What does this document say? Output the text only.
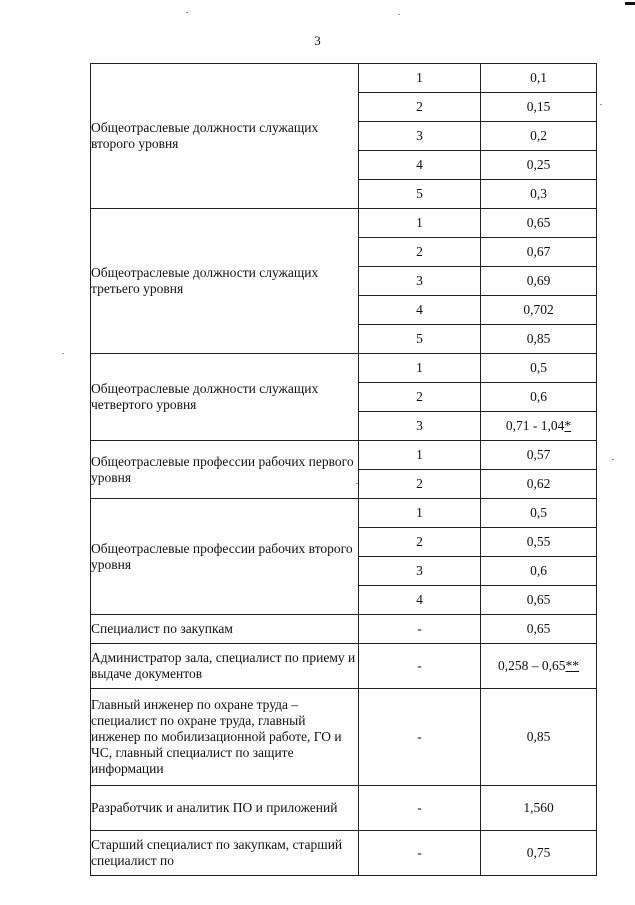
3
Общеотраслевые должности служащих второго уровня	1	0,1
	2	0,15
	3	0,2
	4	0,25
	5	0,3
Общеотраслевые должности служащих третьего уровня	1	0,65
	2	0,67
	3	0,69
	4	0,702
	5	0,85
Общеотраслевые должности служащих четвертого уровня	1	0,5
	2	0,6
	3	0,71 - 1,04*
Общеотраслевые профессии рабочих первого уровня	1	0,57
	2	0,62
Общеотраслевые профессии рабочих второго уровня	1	0,5
	2	0,55
	3	0,6
	4	0,65
Специалист по закупкам	-	0,65
Администратор зала, специалист по приему и выдаче документов	-	0,258 – 0,65**
Главный инженер по охране труда – специалист по охране труда, главный инженер по мобилизационной работе, ГО и ЧС, главный специалист по защите информации	-	0,85
Разработчик и аналитик ПО и приложений	-	1,560
Старший специалист по закупкам, старший специалист по	-	0,75
